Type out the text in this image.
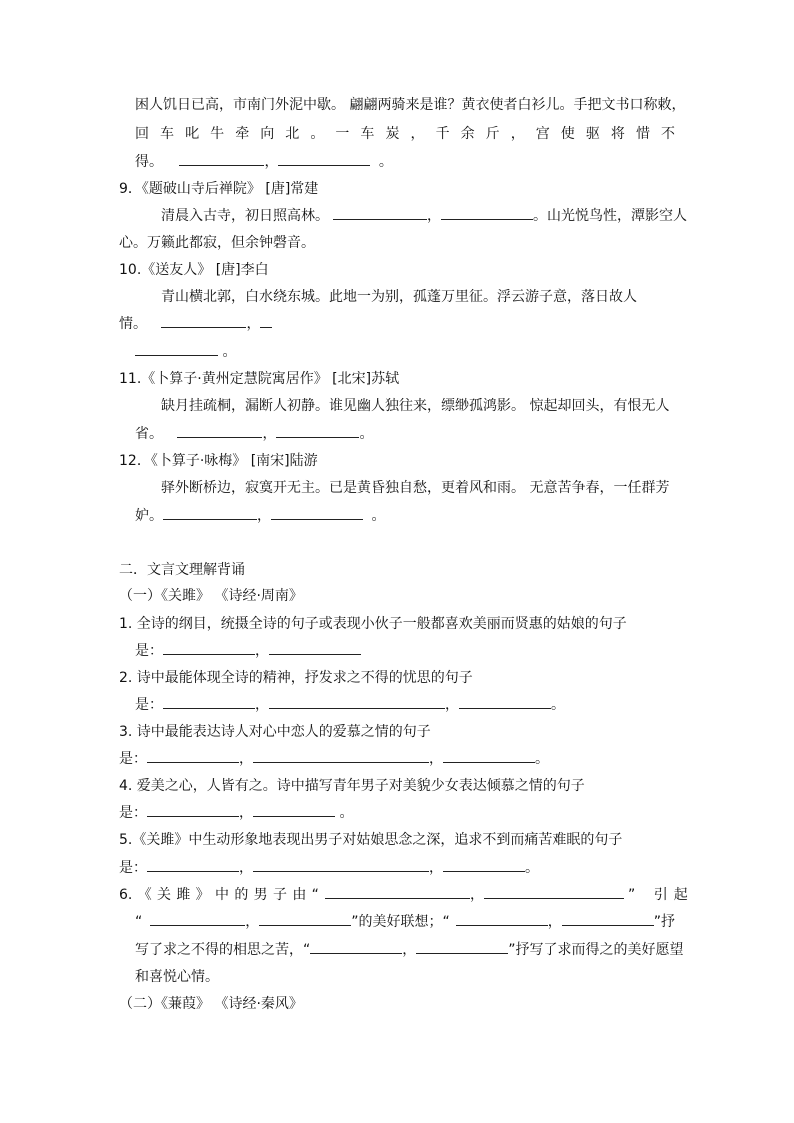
困人饥日已高，市南门外泥中歇。 翩翩两骑来是谁？黄衣使者白衫儿。手把文书口称敕，
回 车 叱 牛 牵 向 北 。 一 车 炭 ， 千 余 斤 ， 宫 使 驱 将 惜 不
得。	，	。
9．《题破山寺后禅院》 [唐]常建
清晨入古寺，初日照高林。	，	。山光悦鸟性，潭影空人
心。万籁此都寂，但余钟磬音。
10.《送友人》 [唐]李白
青山横北郭，白水绕东城。此地一为别，孤蓬万里征。浮云游子意，落日故人
情。	，
。
11.《卜算子·黄州定慧院寓居作》 [北宋]苏轼
缺月挂疏桐，漏断人初静。谁见幽人独往来，缥缈孤鸿影。 惊起却回头，有恨无人
省。	，	。
12．《卜算子·咏梅》 [南宋]陆游
驿外断桥边，寂寞开无主。已是黄昏独自愁，更着风和雨。 无意苦争春，一任群芳
妒。	，	。
二．文言文理解背诵
（一）《关雎》 《诗经·周南》
1. 全诗的纲目，统摄全诗的句子或表现小伙子一般都喜欢美丽而贤惠的姑娘的句子
是：	，
2. 诗中最能体现全诗的精神，抒发求之不得的忧思的句子
是：	，	，	。
3. 诗中最能表达诗人对心中恋人的爱慕之情的句子
是：	，	，	。
4. 爱美之心，人皆有之。诗中描写青年男子对美貌少女表达倾慕之情的句子
是：	，	。
5.《关雎》中生动形象地表现出男子对姑娘思念之深，追求不到而痛苦难眠的句子
是：	，	，	。
6. 《 关 雎 》 中 的 男 子 由 “	，	” 引起
“	，	”的美好联想；“	，	”抒
写了求之不得的相思之苦，“	，	”抒写了求而得之的美好愿望
和喜悦心情。
（二）《蒹葭》 《诗经·秦风》
